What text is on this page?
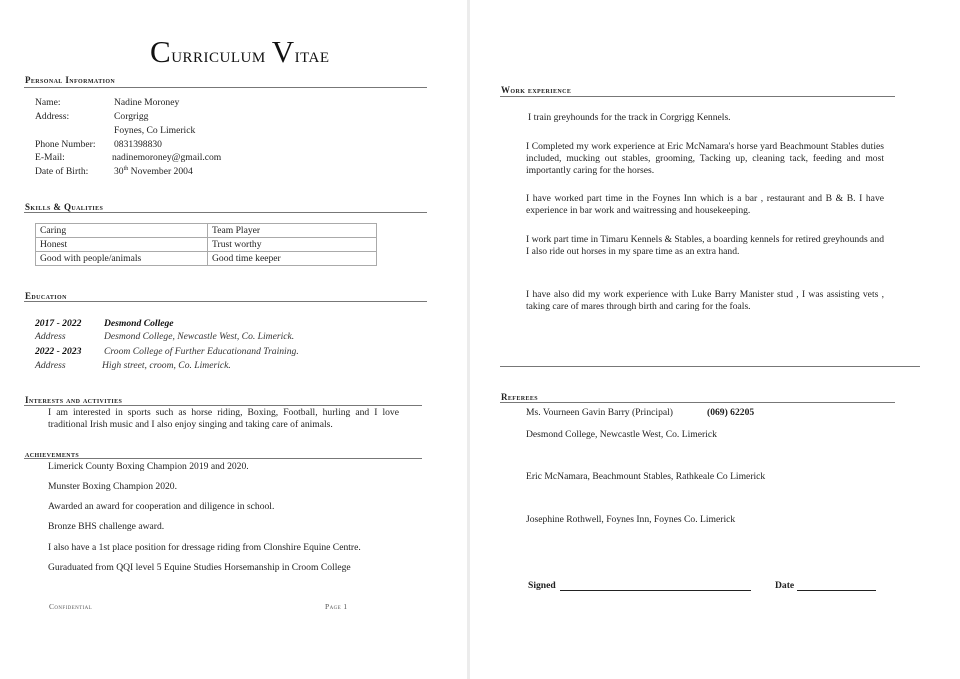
Curriculum Vitae
Personal Information
Name:	Nadine Moroney
Address:	Corgrigg
Foynes, Co Limerick
Phone Number: 0831398830
E-Mail:	nadinemoroney@gmail.com
Date of Birth:	30th November 2004
Skills & Qualities
Caring	Team Player
Honest	Trust worthy
Good with people/animals	Good time keeper
Education
2017 - 2022 Desmond College
Address	Desmond College, Newcastle West, Co. Limerick.
2022 - 2023 Croom College of Further Educationand Training.
Address	High street, croom, Co. Limerick.
Interests and activities
I am interested in sports such as horse riding, Boxing, Football, hurling and I love traditional Irish music and I also enjoy singing and taking care of animals.
achievements
Limerick County Boxing Champion 2019 and 2020.
Munster Boxing Champion 2020.
Awarded an award for cooperation and diligence in school.
Bronze BHS challenge award.
I also have a 1st place position for dressage riding from Clonshire Equine Centre.
Guraduated from QQI level 5 Equine Studies Horsemanship in Croom College
Confidential	Page 1
Work experience
I train greyhounds for the track in Corgrigg Kennels.
I Completed my work experience at Eric McNamara's horse yard Beachmount Stables duties included, mucking out stables, grooming, Tacking up, cleaning tack, feeding and most importantly caring for the horses.
I have worked part time in the Foynes Inn which is a bar , restaurant and B & B. I have experience in bar work and waitressing and housekeeping.
I work part time in Timaru Kennels & Stables, a boarding kennels for retired greyhounds and I also ride out horses in my spare time as an extra hand.
I have also did my work experience with Luke Barry Manister stud , I was assisting vets , taking care of mares through birth and caring for the foals.
Referees
Ms. Vourneen Gavin Barry (Principal)	(069) 62205
Desmond College, Newcastle West, Co. Limerick
Eric McNamara, Beachmount Stables, Rathkeale Co Limerick
Josephine Rothwell, Foynes Inn, Foynes Co. Limerick
Signed	Date
